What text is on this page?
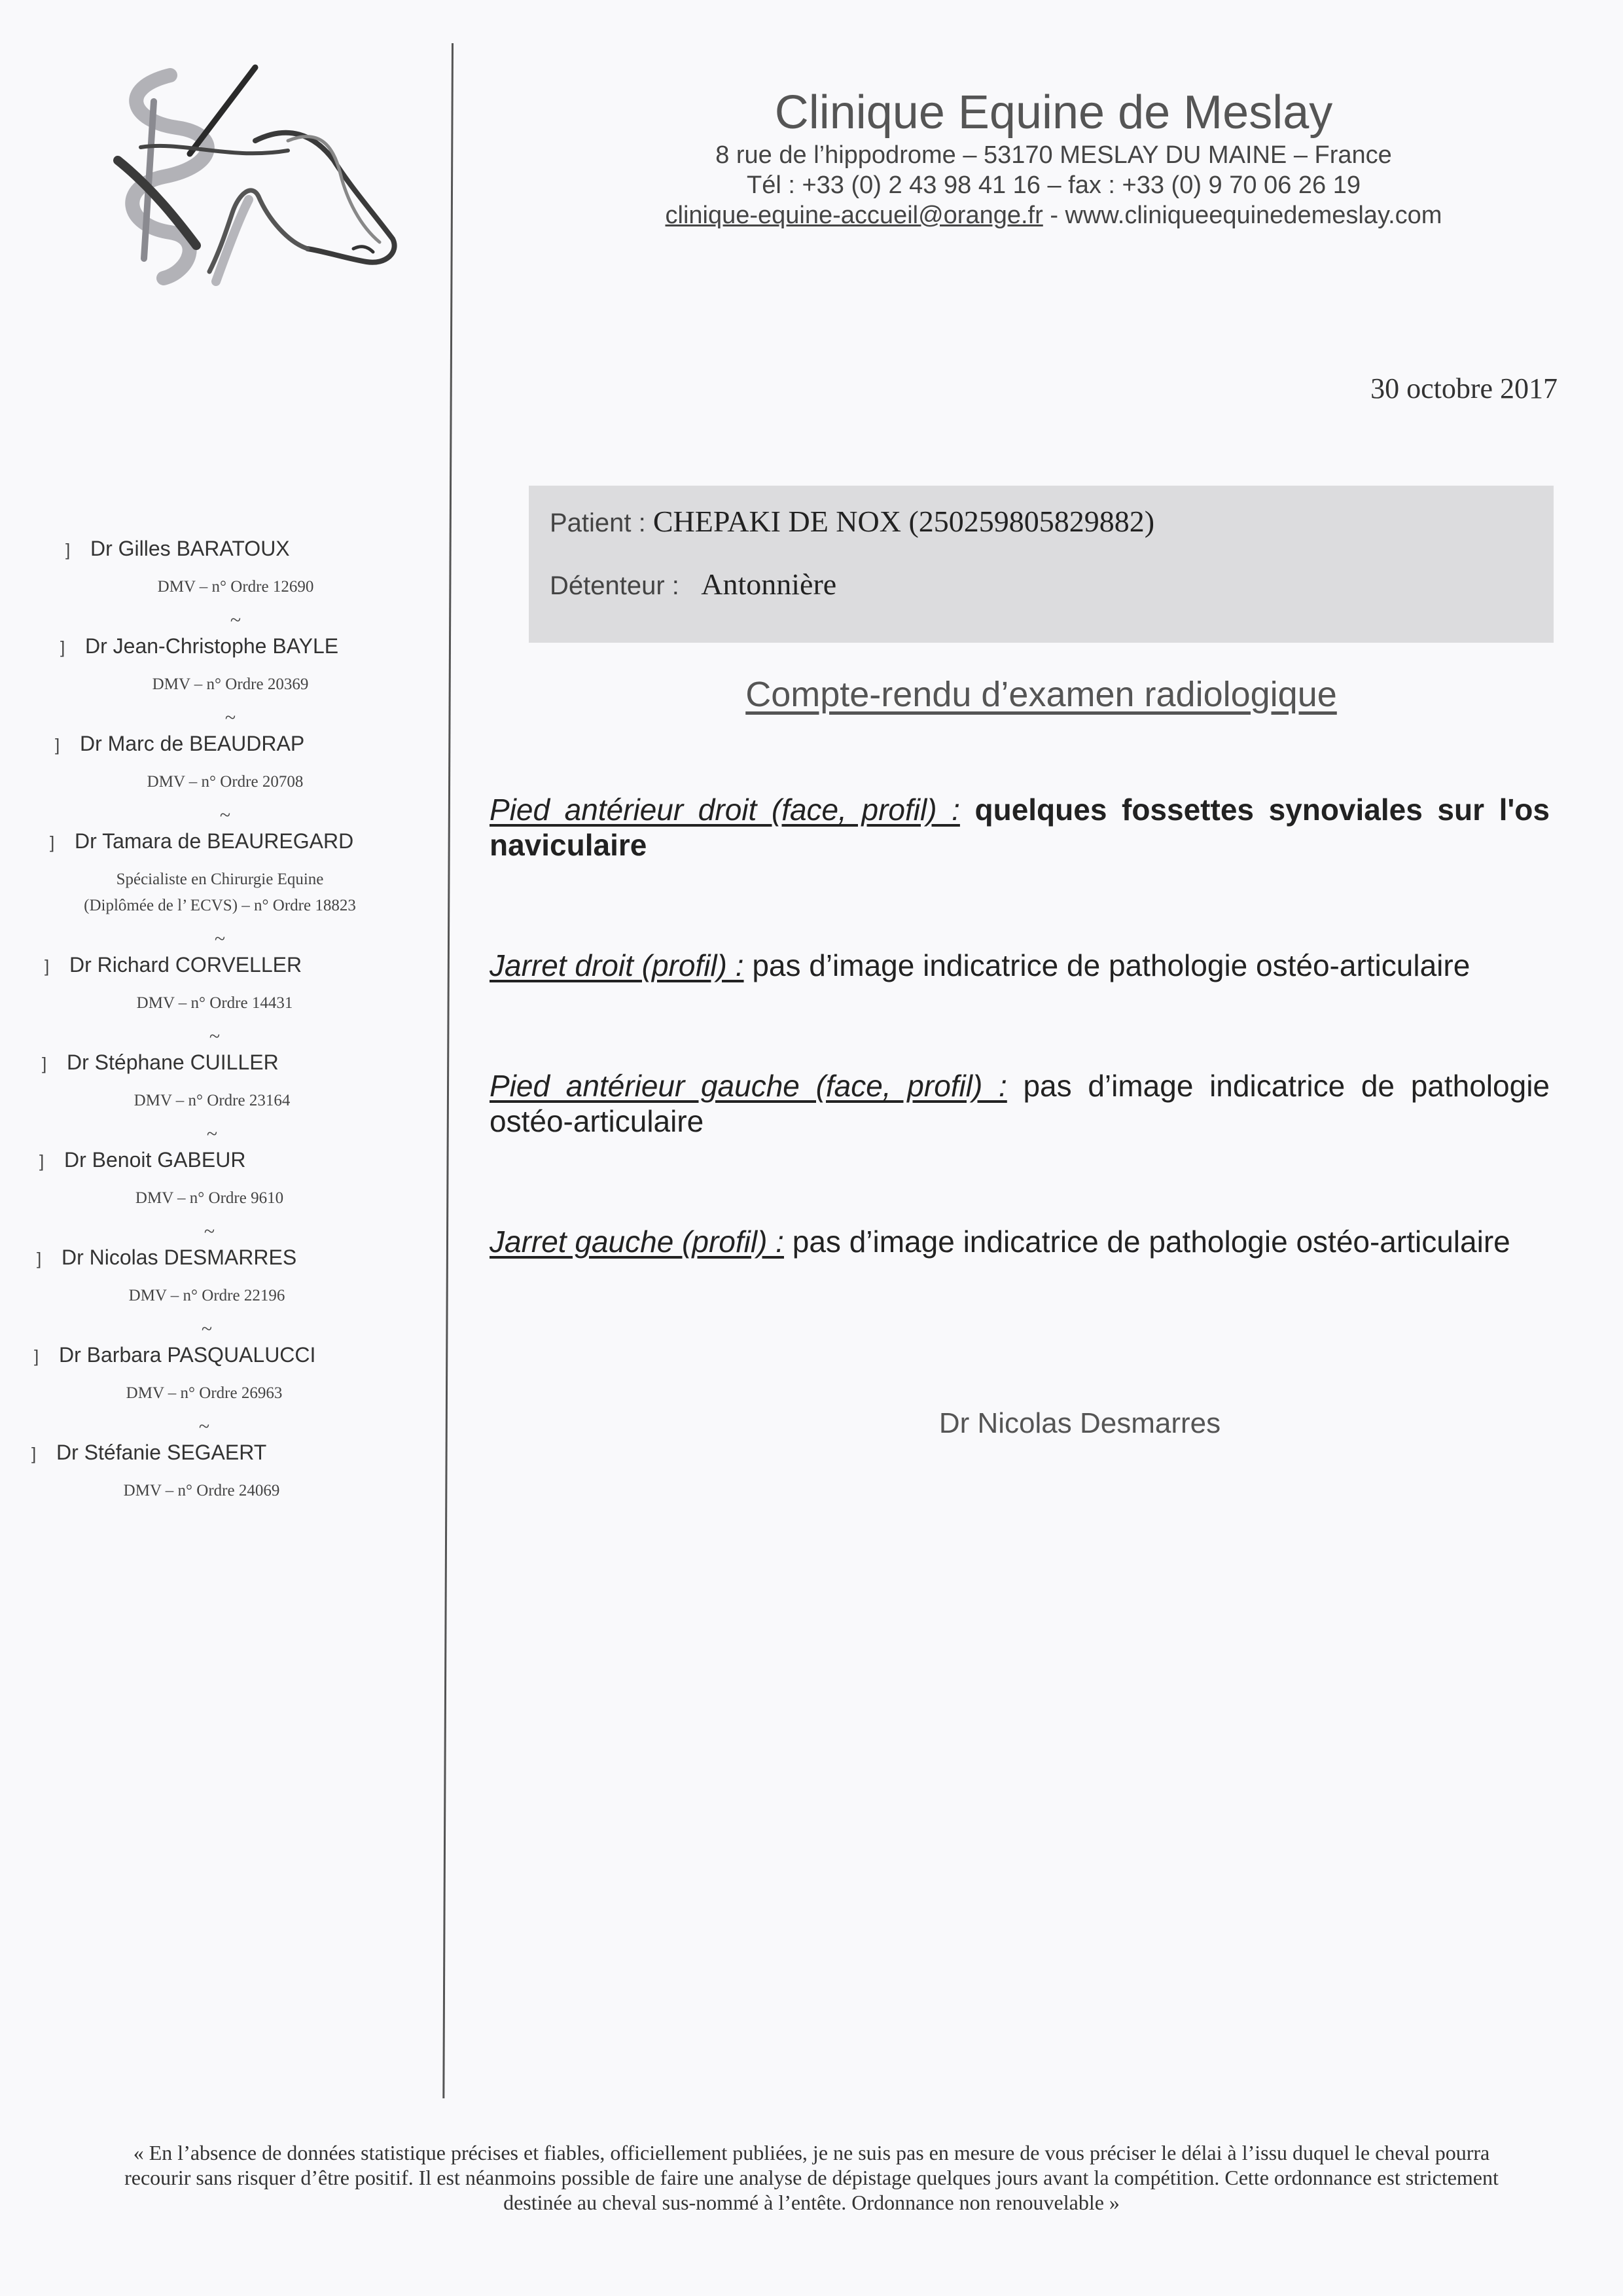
Clinique Equine de Meslay
8 rue de l’hippodrome – 53170 MESLAY DU MAINE – France
Tél : +33 (0) 2 43 98 41 16 – fax : +33 (0) 9 70 06 26 19
clinique-equine-accueil@orange.fr - www.cliniqueequinedemeslay.com
30 octobre 2017
] Dr Gilles BARATOUX
DMV – n° Ordre 12690
~
] Dr Jean-Christophe BAYLE
DMV – n° Ordre 20369
~
] Dr Marc de BEAUDRAP
DMV – n° Ordre 20708
~
] Dr Tamara de BEAUREGARD
Spécialiste en Chirurgie Equine
(Diplômée de l’ ECVS) – n° Ordre 18823
~
] Dr Richard CORVELLER
DMV – n° Ordre 14431
~
] Dr Stéphane CUILLER
DMV – n° Ordre 23164
~
] Dr Benoit GABEUR
DMV – n° Ordre 9610
~
] Dr Nicolas DESMARRES
DMV – n° Ordre 22196
~
] Dr Barbara PASQUALUCCI
DMV – n° Ordre 26963
~
] Dr Stéfanie SEGAERT
DMV – n° Ordre 24069
Patient : CHEPAKI DE NOX (250259805829882)
Détenteur :   Antonnière
Compte-rendu d’examen radiologique
Pied antérieur droit (face, profil) : quelques fossettes synoviales sur l'os naviculaire
Jarret droit (profil) : pas d’image indicatrice de pathologie ostéo-articulaire
Pied antérieur gauche (face, profil) : pas d’image indicatrice de pathologie ostéo-articulaire
Jarret gauche (profil) : pas d’image indicatrice de pathologie ostéo-articulaire
Dr Nicolas Desmarres
« En l’absence de données statistique précises et fiables, officiellement publiées, je ne suis pas en mesure de vous préciser le délai à l’issu duquel le cheval pourra recourir sans risquer d’être positif. Il est néanmoins possible de faire une analyse de dépistage quelques jours avant la compétition. Cette ordonnance est strictement destinée au cheval sus-nommé à l’entête. Ordonnance non renouvelable »
